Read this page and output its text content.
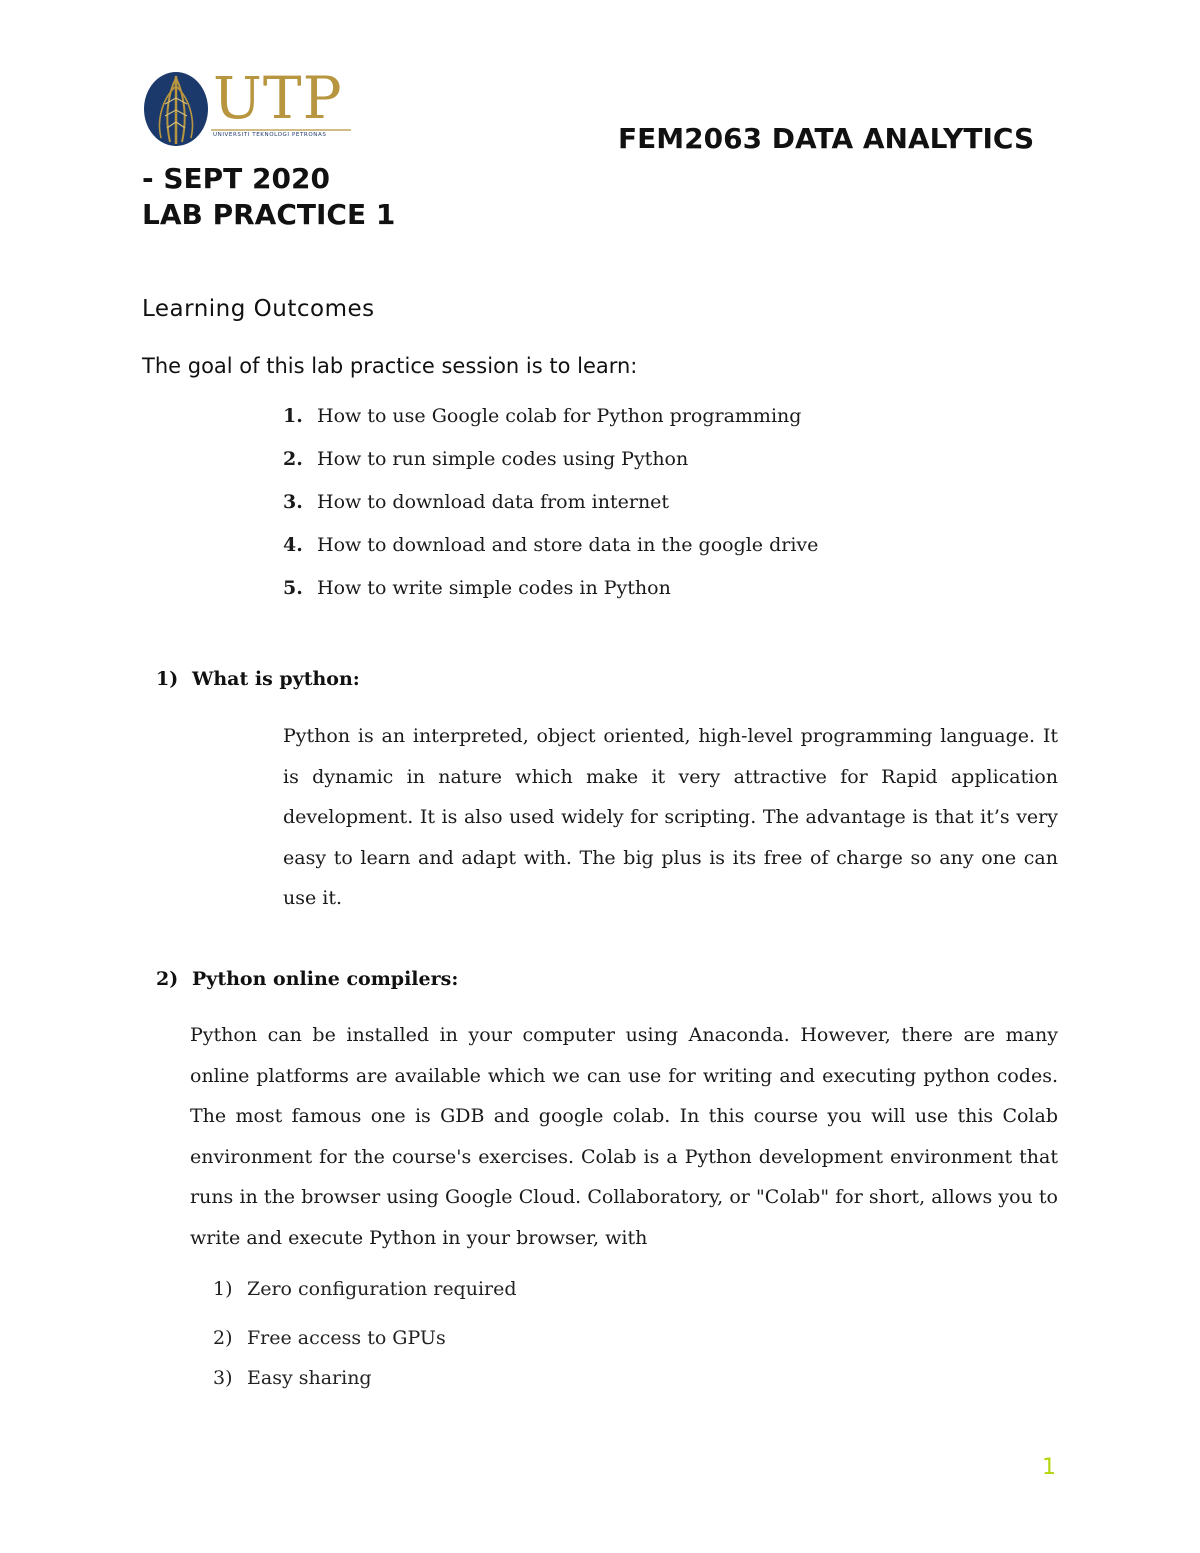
UTP
UNIVERSITI TEKNOLOGI PETRONAS	FEM2063 DATA ANALYTICS
- SEPT 2020
LAB PRACTICE 1
Learning Outcomes
The goal of this lab practice session is to learn:
1. How to use Google colab for Python programming
2. How to run simple codes using Python
3. How to download data from internet
4. How to download and store data in the google drive
5. How to write simple codes in Python
1) What is python:
Python is an interpreted, object oriented, high-level programming language. It is dynamic in nature which make it very attractive for Rapid application development. It is also used widely for scripting. The advantage is that it’s very easy to learn and adapt with. The big plus is its free of charge so any one can use it.
2) Python online compilers:
Python can be installed in your computer using Anaconda. However, there are many online platforms are available which we can use for writing and executing python codes. The most famous one is GDB and google colab. In this course you will use this Colab environment for the course's exercises. Colab is a Python development environment that runs in the browser using Google Cloud. Collaboratory, or "Colab" for short, allows you to write and execute Python in your browser, with
1) Zero configuration required
2) Free access to GPUs
3) Easy sharing
1
